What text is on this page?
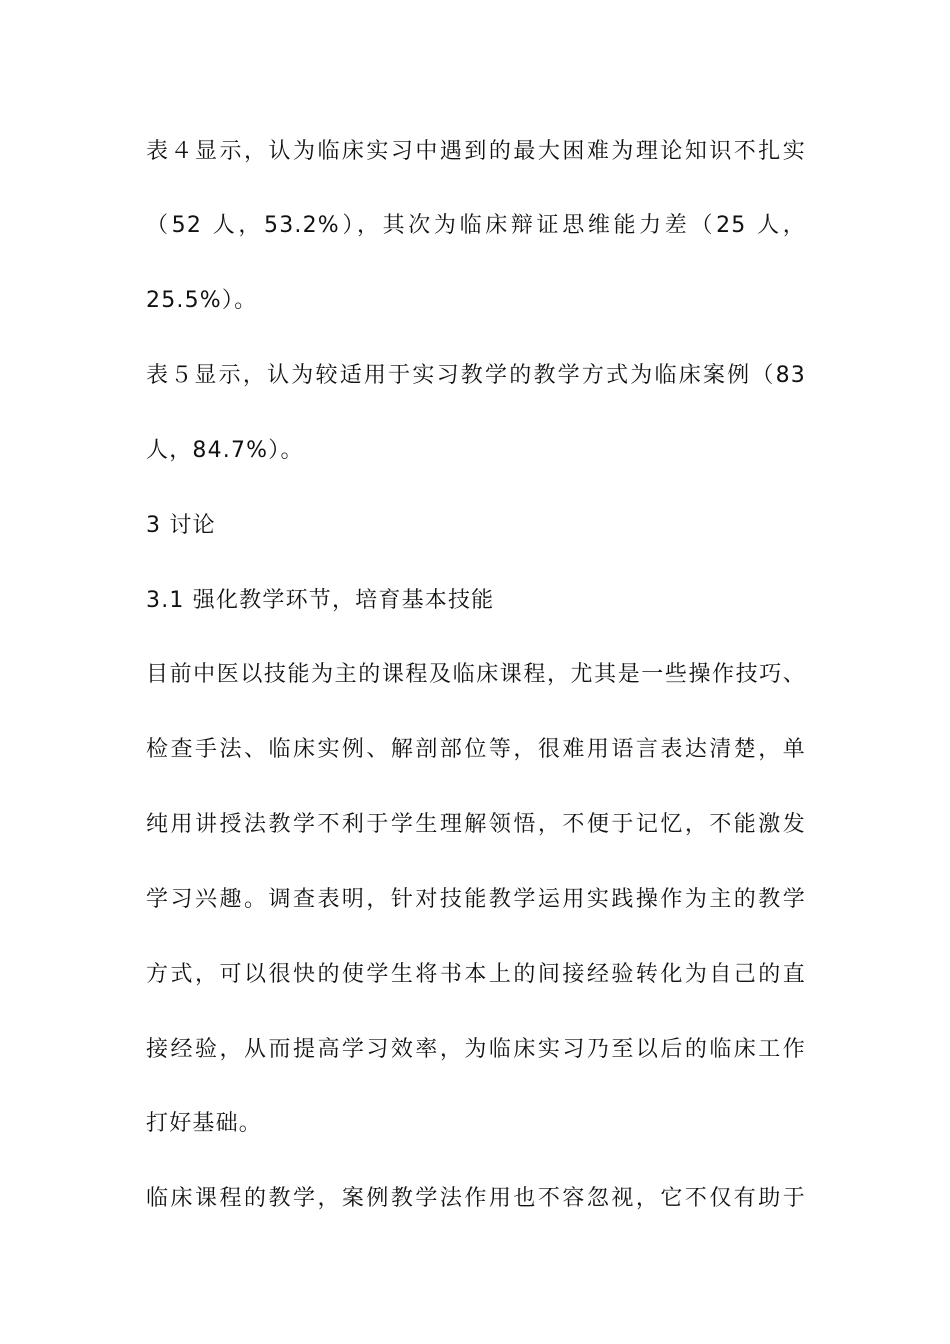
表４显示，认为临床实习中遇到的最大困难为理论知识不扎实
（52 人，53.2%），其次为临床辩证思维能力差（25 人，
25.5%）。
表５显示，认为较适用于实习教学的教学方式为临床案例（83
人，84.7%）。
3 讨论
3.1 强化教学环节，培育基本技能
目前中医以技能为主的课程及临床课程，尤其是一些操作技巧、
检查手法、临床实例、解剖部位等，很难用语言表达清楚，单
纯用讲授法教学不利于学生理解领悟，不便于记忆，不能激发
学习兴趣。调查表明，针对技能教学运用实践操作为主的教学
方式，可以很快的使学生将书本上的间接经验转化为自己的直
接经验，从而提高学习效率，为临床实习乃至以后的临床工作
打好基础。
临床课程的教学，案例教学法作用也不容忽视，它不仅有助于
